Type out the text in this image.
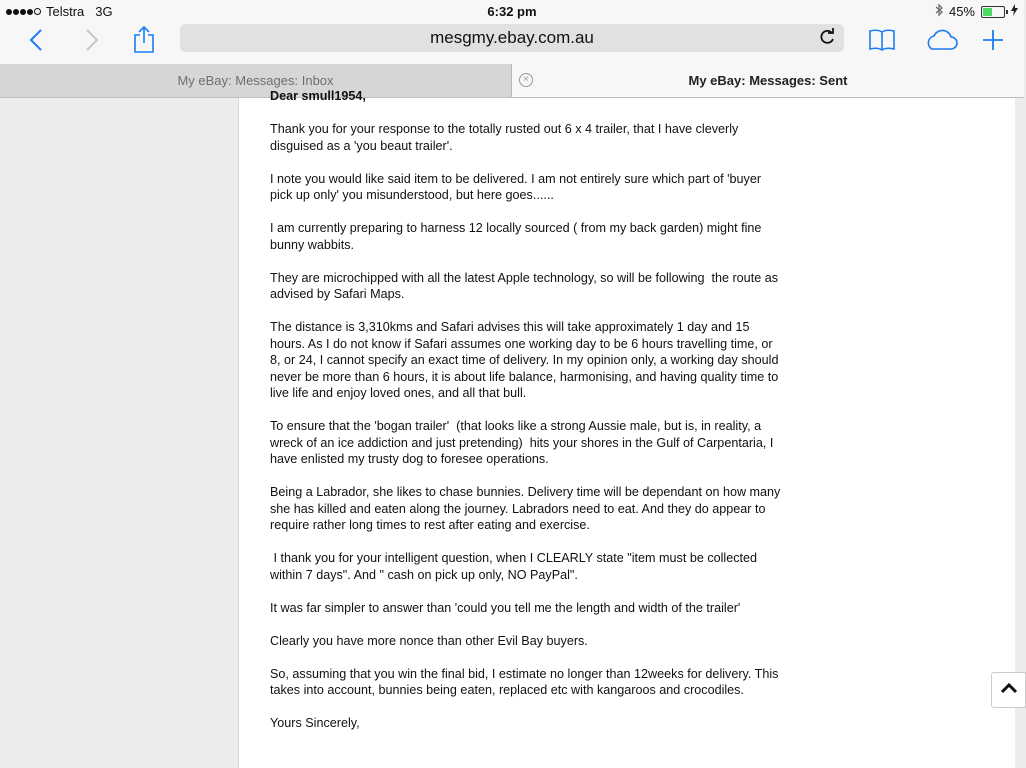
Telstra 3G	6:32 pm	45%
mesgmy.ebay.com.au
My eBay: Messages: Inbox	×	My eBay: Messages: Sent

Dear smull1954,

Thank you for your response to the totally rusted out 6 x 4 trailer, that I have cleverly disguised as a 'you beaut trailer'.

I note you would like said item to be delivered. I am not entirely sure which part of 'buyer pick up only' you misunderstood, but here goes......

I am currently preparing to harness 12 locally sourced ( from my back garden) might fine bunny wabbits.

They are microchipped with all the latest Apple technology, so will be following  the route as advised by Safari Maps.

The distance is 3,310kms and Safari advises this will take approximately 1 day and 15 hours. As I do not know if Safari assumes one working day to be 6 hours travelling time, or 8, or 24, I cannot specify an exact time of delivery. In my opinion only, a working day should never be more than 6 hours, it is about life balance, harmonising, and having quality time to live life and enjoy loved ones, and all that bull.

To ensure that the 'bogan trailer'  (that looks like a strong Aussie male, but is, in reality, a wreck of an ice addiction and just pretending)  hits your shores in the Gulf of Carpentaria, I have enlisted my trusty dog to foresee operations.

Being a Labrador, she likes to chase bunnies. Delivery time will be dependant on how many she has killed and eaten along the journey. Labradors need to eat. And they do appear to require rather long times to rest after eating and exercise.

I thank you for your intelligent question, when I CLEARLY state "item must be collected within 7 days". And " cash on pick up only, NO PayPal".

It was far simpler to answer than 'could you tell me the length and width of the trailer'

Clearly you have more nonce than other Evil Bay buyers.

So, assuming that you win the final bid, I estimate no longer than 12weeks for delivery. This takes into account, bunnies being eaten, replaced etc with kangaroos and crocodiles.

Yours Sincerely,
